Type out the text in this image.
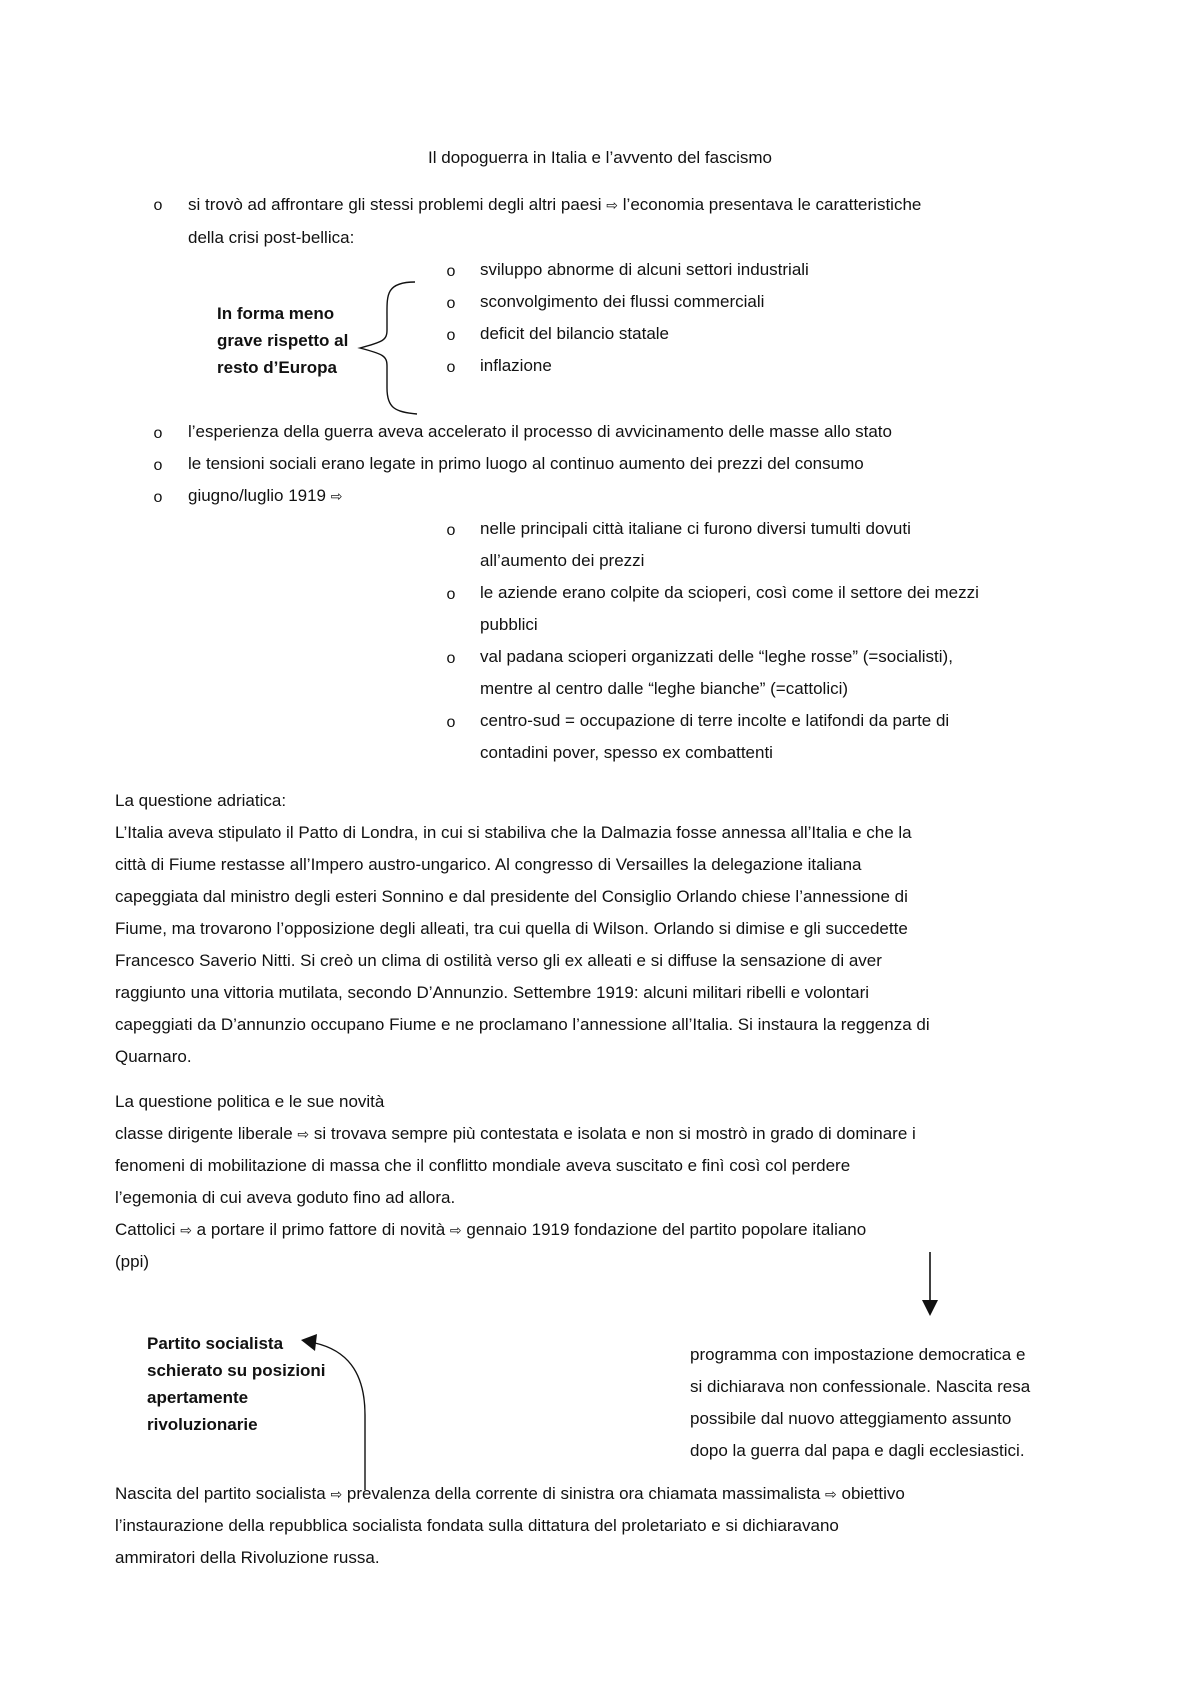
Il dopoguerra in Italia e l’avvento del fascismo
o	si trovò ad affrontare gli stessi problemi degli altri paesi ⇨ l’economia presentava le caratteristiche
della crisi post-bellica:
In forma meno
grave rispetto al
resto d’Europa
o	sviluppo abnorme di alcuni settori industriali
o	sconvolgimento dei flussi commerciali
o	deficit del bilancio statale
o	inflazione
o	l’esperienza della guerra aveva accelerato il processo di avvicinamento delle masse allo stato
o	le tensioni sociali erano legate in primo luogo al continuo aumento dei prezzi del consumo
o	giugno/luglio 1919 ⇨
o	nelle principali città italiane ci furono diversi tumulti dovuti
all’aumento dei prezzi
o	le aziende erano colpite da scioperi, così come il settore dei mezzi
pubblici
o	val padana scioperi organizzati delle “leghe rosse” (=socialisti),
mentre al centro dalle “leghe bianche” (=cattolici)
o	centro-sud = occupazione di terre incolte e latifondi da parte di
contadini pover, spesso ex combattenti
La questione adriatica:
L’Italia aveva stipulato il Patto di Londra, in cui si stabiliva che la Dalmazia fosse annessa all’Italia e che la
città di Fiume restasse all’Impero austro-ungarico. Al congresso di Versailles la delegazione italiana
capeggiata dal ministro degli esteri Sonnino e dal presidente del Consiglio Orlando chiese l’annessione di
Fiume, ma trovarono l’opposizione degli alleati, tra cui quella di Wilson. Orlando si dimise e gli succedette
Francesco Saverio Nitti. Si creò un clima di ostilità verso gli ex alleati e si diffuse la sensazione di aver
raggiunto una vittoria mutilata, secondo D’Annunzio. Settembre 1919: alcuni militari ribelli e volontari
capeggiati da D’annunzio occupano Fiume e ne proclamano l’annessione all’Italia. Si instaura la reggenza di
Quarnaro.
La questione politica e le sue novità
classe dirigente liberale ⇨ si trovava sempre più contestata e isolata e non si mostrò in grado di dominare i
fenomeni di mobilitazione di massa che il conflitto mondiale aveva suscitato e finì così col perdere
l’egemonia di cui aveva goduto fino ad allora.
Cattolici ⇨ a portare il primo fattore di novità ⇨ gennaio 1919 fondazione del partito popolare italiano
(ppi)
Partito socialista
schierato su posizioni
apertamente
rivoluzionarie
programma con impostazione democratica e
si dichiarava non confessionale. Nascita resa
possibile dal nuovo atteggiamento assunto
dopo la guerra dal papa e dagli ecclesiastici.
Nascita del partito socialista ⇨ prevalenza della corrente di sinistra ora chiamata massimalista ⇨ obiettivo
l’instaurazione della repubblica socialista fondata sulla dittatura del proletariato e si dichiaravano
ammiratori della Rivoluzione russa.
